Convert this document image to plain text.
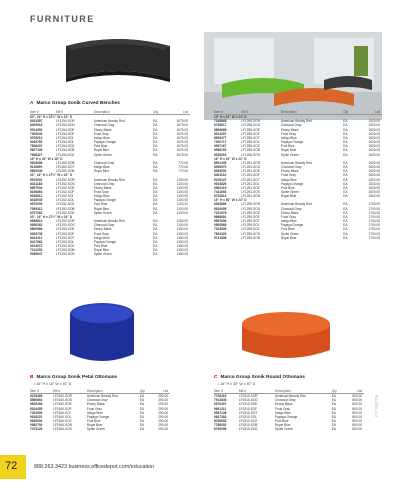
FURNITURE
A Marco Group Sonik Curved Benches
Item #	Mfr.#	Description	Qty	List
60", 16" H x 33½" W x 24" D				
6451587	LF1254-SOR	American Beauty Red	EA	1675.00
6409518	LF1254-SOG	Charcoal Gray	EA	1675.00
9914952	LF1254-SOE	Ebony Black	EA	1675.00
7305245	LF1254-SOF	Frost Gray	EA	1675.00
9705212	LF1254-SOI	Indigo Blue	EA	1675.00
9449780	LF1254-SOL	Papaya Orange	EA	1675.00
7836437	LF1254-SOZ	Pool Blue	EA	1675.00
9827106	LF1254-SOB	Royal Blue	EA	1675.00
7958427	LF1254-SOZ	Sprite Green	EA	1675.00
16" H x 42" W x 18" D				
9815656	LF1260-SOB	Charcoal Gray	EA	770.00
9116699	LF1260-SOT	Indigo Blue	EA	770.00
9600040	LF1260-SOB	Royal Blue	EA	770.00
30", 16" H x 27½" W x 24" D				
6570051	LF1252-SOR	American Beauty Red	EA	1100.00
8341188	LF1252-SOG	Charcoal Gray	EA	1100.00
8657004	LF1252-SOE	Ebony Black	EA	1100.00
6196864	LF1252-SOF	Frost Gray	EA	1100.00
9326812	LF1252-SOI	Indigo Blue	EA	1100.00
8418039	LF1252-SOL	Papaya Orange	EA	1100.00
5979299	LF1252-SOZ	Pool Blue	EA	1100.00
7059312	LF1252-SOB	Royal Blue	EA	1100.00
6707082	LF1252-SOZ	Sprite Green	EA	1100.00
30", 16" H x 27½" W x 24" D				
9898810	LF1253-SOR	American Beauty Red	EA	1150.00
6656262	LF1253-SOG	Charcoal Gray	EA	1150.00
5800965	LF1253-SOE	Ebony Black	EA	1150.00
9365736	LF1253-SOF	Frost Gray	EA	1150.00
8343412	LF1253-SOT	Indigo Blue	EA	1150.00
6447662	LF1253-SOL	Papaya Orange	EA	1150.00
9224072	LF1253-SOZ	Pool Blue	EA	1150.00
7212292	LF1253-SOB	Royal Blue	EA	1150.00
9459047	LF1253-SOS	Sprite Green	EA	1150.00
Item #	Mfr.#	Description	Qty	List
16" H x 51" W x 24" D				
7345668	LF1255-SOR	American Beauty Red	EA	1520.00
6736617	LF1255-SOG	Charcoal Gray	EA	1520.00
6899668	LF1255-SOE	Ebony Black	EA	1520.00
9914297	LF1255-SOF	Frost Gray	EA	1520.00
8908477	LF1255-SOT	Indigo Blue	EA	1520.00
7300717	LF1255-SOL	Papaya Orange	EA	1520.00
9997167	LF1255-SOZ	Pool Blue	EA	1520.00
9559153	LF1255-SOB	Royal Blue	EA	1520.00
6026016	LF1255-SOS	Sprite Green	EA	1520.00
16" H x 51" W x 24" D				
8591435	LF1251-SOR	American Beauty Red	EA	1520.00
8938970	LF1251-SOG	Charcoal Gray	EA	1520.00
6083000	LF1251-SOE	Ebony Black	EA	1520.00
6461153	LF1251-SOF	Frost Gray	EA	1520.00
6476147	LF1251-SOT	Indigo Blue	EA	1520.00
9923826	LF1251-SOL	Papaya Orange	EA	1520.00
9963419	LF1251-SOZ	Pool Blue	EA	1520.00
7431653	LF1251-SOS	Sprite Green	EA	1520.00
6734813	LF1251-SOB	Royal Blue	EA	1520.00
16" H x 60" W x 24" D				
6363866	LF1259-SOR	American Beauty Red	EA	1700.00
9810095	LF1259-SOG	Charcoal Gray	EA	1700.00
7231978	LF1259-SOE	Ebony Black	EA	1700.00
9866681	LF1259-SOF	Frost Gray	EA	1700.00
9997608	LF1259-SOT	Indigo Blue	EA	1700.00
9800868	LF1259-SOL	Papaya Orange	EA	1700.00
7023809	LF1259-SOZ	Pool Blue	EA	1700.00
7822325	LF1259-SOS	Sprite Green	EA	1700.00
9741856	LF1259-SOB	Royal Blue	EA	1700.00
B Marco Group Sonik Petal Ottomans
• 16" H x 18" W x 16" D
Item #	Mfr.#	Description	Qty	List
9218485	LF1540-SOR	American Beauty Red	EA	290.00
8580664	LF1540-SOG	Charcoal Gray	EA	290.00
5826168	LF1540-SOE	Ebony Black	EA	290.00
6024455	LF1540-SOF	Frost Gray	EA	290.00
7281909	LF1540-SOI	Indigo Blue	EA	290.00
9918221	LF1540-SOL	Papaya Orange	EA	290.00
9836594	LF1540-SOZ	Pool Blue	EA	290.00
9982750	LF1540-SOB	Royal Blue	EA	290.00
7479129	LF1540-SOS	Sprite Green	EA	290.00
C Marco Group Sonik Round Ottomans
• 16" H x 30" W x 30" D
Item #	Mfr.#	Description	Qty	List
7736416	LF1510-SOR	American Beauty Red	EA	800.00
7912846	LF1510-SOG	Charcoal Gray	EA	800.00
9970497	LF1510-SOE	Ebony Black	EA	800.00
9691211	LF1510-SOF	Frost Gray	EA	800.00
6557146	LF1510-SOT	Indigo Blue	EA	800.00
9847383	LF1510-SOL	Papaya Orange	EA	800.00
8780653	LF1510-SOZ	Pool Blue	EA	800.00
7786052	LF1510-SOB	Royal Blue	EA	800.00
6706098	LF1510-SOS	Sprite Green	EA	800.00
FU_0000_2.17
72	888.263.3423 business.officedepot.com/education
